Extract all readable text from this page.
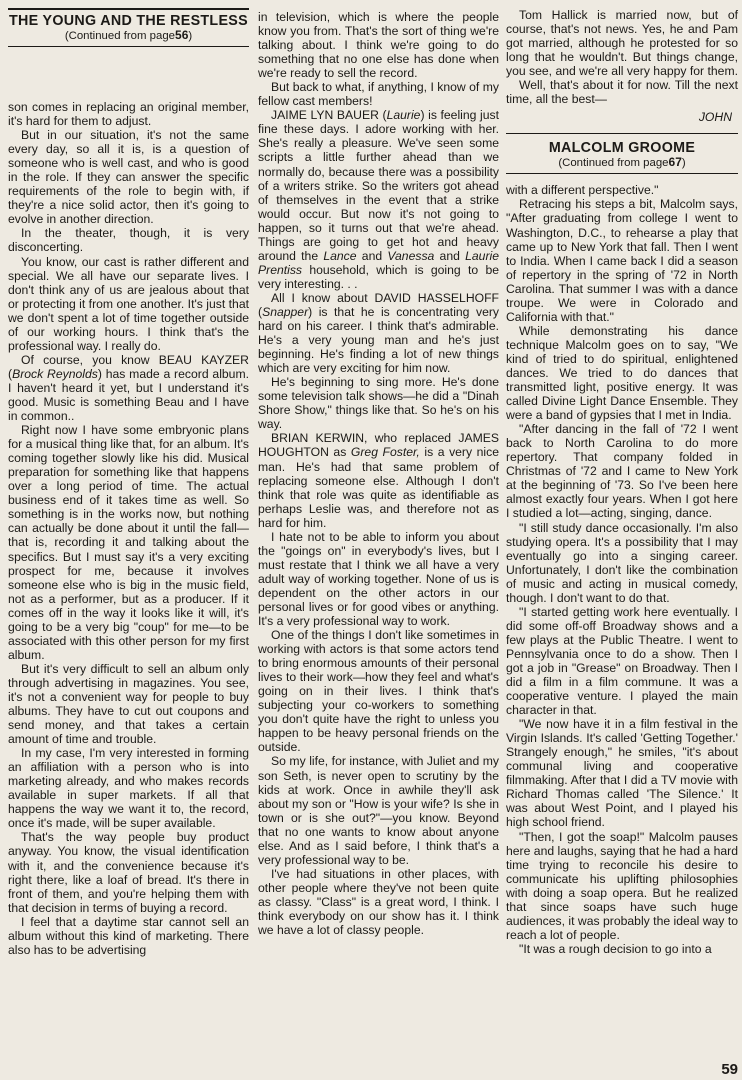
THE YOUNG AND THE RESTLESS
(Continued from page56)

son comes in replacing an original member, it's hard for them to adjust.

But in our situation, it's not the same every day, so all it is, is a question of someone who is well cast, and who is good in the role. If they can answer the specific requirements of the role to begin with, if they're a nice solid actor, then it's going to evolve in another direction.

In the theater, though, it is very disconcerting.

You know, our cast is rather different and special. We all have our separate lives. I don't think any of us are jealous about that or protecting it from one another. It's just that we don't spent a lot of time together outside of our working hours. I think that's the professional way. I really do.

Of course, you know BEAU KAYZER (Brock Reynolds) has made a record album. I haven't heard it yet, but I understand it's good. Music is something Beau and I have in common..

Right now I have some embryonic plans for a musical thing like that, for an album. It's coming together slowly like his did. Musical preparation for something like that happens over a long period of time. The actual business end of it takes time as well. So something is in the works now, but nothing can actually be done about it until the fall—that is, recording it and talking about the specifics. But I must say it's a very exciting prospect for me, because it involves someone else who is big in the music field, not as a performer, but as a producer. If it comes off in the way it looks like it will, it's going to be a very big "coup" for me—to be associated with this other person for my first album.

But it's very difficult to sell an album only through advertising in magazines. You see, it's not a convenient way for people to buy albums. They have to cut out coupons and send money, and that takes a certain amount of time and trouble.

In my case, I'm very interested in forming an affiliation with a person who is into marketing already, and who makes records available in super markets. If all that happens the way we want it to, the record, once it's made, will be super available.

That's the way people buy product anyway. You know, the visual identification with it, and the convenience because it's right there, like a loaf of bread. It's there in front of them, and you're helping them with that decision in terms of buying a record.

I feel that a daytime star cannot sell an album without this kind of marketing. There also has to be advertising

in television, which is where the people know you from. That's the sort of thing we're talking about. I think we're going to do something that no one else has done when we're ready to sell the record.

But back to what, if anything, I know of my fellow cast members!

JAIME LYN BAUER (Laurie) is feeling just fine these days. I adore working with her. She's really a pleasure. We've seen some scripts a little further ahead than we normally do, because there was a possibility of a writers strike. So the writers got ahead of themselves in the event that a strike would occur. But now it's not going to happen, so it turns out that we're ahead. Things are going to get hot and heavy around the Lance and Vanessa and Laurie Prentiss household, which is going to be very interesting. . .

All I know about DAVID HASSELHOFF (Snapper) is that he is concentrating very hard on his career. I think that's admirable. He's a very young man and he's just beginning. He's finding a lot of new things which are very exciting for him now.

He's beginning to sing more. He's done some television talk shows—he did a "Dinah Shore Show," things like that. So he's on his way.

BRIAN KERWIN, who replaced JAMES HOUGHTON as Greg Foster, is a very nice man. He's had that same problem of replacing someone else. Although I don't think that role was quite as identifiable as perhaps Leslie was, and therefore not as hard for him.

I hate not to be able to inform you about the "goings on" in everybody's lives, but I must restate that I think we all have a very adult way of working together. None of us is dependent on the other actors in our personal lives or for good vibes or anything. It's a very professional way to work.

One of the things I don't like sometimes in working with actors is that some actors tend to bring enormous amounts of their personal lives to their work—how they feel and what's going on in their lives. I think that's subjecting your co-workers to something you don't quite have the right to unless you happen to be heavy personal friends on the outside.

So my life, for instance, with Juliet and my son Seth, is never open to scrutiny by the kids at work. Once in awhile they'll ask about my son or "How is your wife? Is she in town or is she out?"—you know. Beyond that no one wants to know about anyone else. And as I said before, I think that's a very professional way to be.

I've had situations in other places, with other people where they've not been quite as classy. "Class" is a great word, I think. I think everybody on our show has it. I think we have a lot of classy people.

Tom Hallick is married now, but of course, that's not news. Yes, he and Pam got married, although he protested for so long that he wouldn't. But things change, you see, and we're all very happy for them.

Well, that's about it for now. Till the next time, all the best—

JOHN
MALCOLM GROOME
(Continued from page67)

with a different perspective."

Retracing his steps a bit, Malcolm says, "After graduating from college I went to Washington, D.C., to rehearse a play that came up to New York that fall. Then I went to India. When I came back I did a season of repertory in the spring of '72 in North Carolina. That summer I was with a dance troupe. We were in Colorado and California with that."

While demonstrating his dance technique Malcolm goes on to say, "We kind of tried to do spiritual, enlightened dances. We tried to do dances that transmitted light, positive energy. It was called Divine Light Dance Ensemble. They were a band of gypsies that I met in India.

"After dancing in the fall of '72 I went back to North Carolina to do more repertory. That company folded in Christmas of '72 and I came to New York at the beginning of '73. So I've been here almost exactly four years. When I got here I studied a lot—acting, singing, dance.

"I still study dance occasionally. I'm also studying opera. It's a possibility that I may eventually go into a singing career. Unfortunately, I don't like the combination of music and acting in musical comedy, though. I don't want to do that.

"I started getting work here eventually. I did some off-off Broadway shows and a few plays at the Public Theatre. I went to Pennsylvania once to do a show. Then I got a job in "Grease" on Broadway. Then I did a film in a film commune. It was a cooperative venture. I played the main character in that.

"We now have it in a film festival in the Virgin Islands. It's called 'Getting Together.' Strangely enough," he smiles, "it's about communal living and cooperative filmmaking. After that I did a TV movie with Richard Thomas called 'The Silence.' It was about West Point, and I played his high school friend.

"Then, I got the soap!" Malcolm pauses here and laughs, saying that he had a hard time trying to reconcile his desire to communicate his uplifting philosophies with doing a soap opera. But he realized that since soaps have such huge audiences, it was probably the ideal way to reach a lot of people.

"It was a rough decision to go into a

59
